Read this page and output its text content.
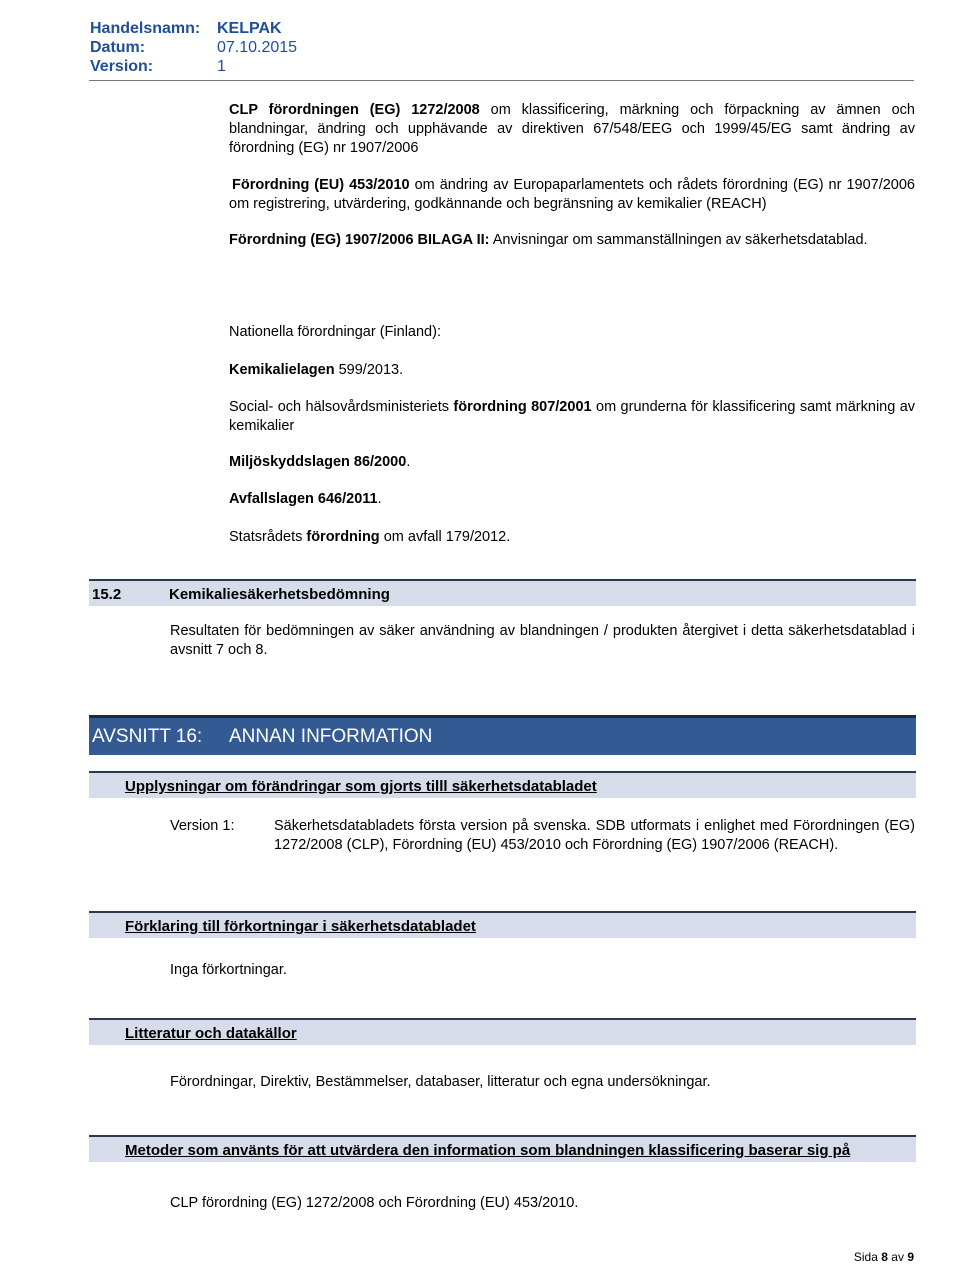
Handelsnamn: KELPAK
Datum:	07.10.2015
Version:	1
CLP förordningen (EG) 1272/2008 om klassificering, märkning och förpackning av ämnen och blandningar, ändring och upphävande av direktiven 67/548/EEG och 1999/45/EG samt ändring av förordning (EG) nr 1907/2006
Förordning (EU) 453/2010 om ändring av Europaparlamentets och rådets förordning (EG) nr 1907/2006 om registrering, utvärdering, godkännande och begränsning av kemikalier (REACH)
Förordning (EG) 1907/2006 BILAGA II: Anvisningar om sammanställningen av säkerhetsdatablad.
Nationella förordningar (Finland):
Kemikalielagen 599/2013.
Social- och hälsovårdsministeriets förordning 807/2001 om grunderna för klassificering samt märkning av kemikalier
Miljöskyddslagen 86/2000.
Avfallslagen 646/2011.
Statsrådets förordning om avfall 179/2012.
15.2	Kemikaliesäkerhetsbedömning
Resultaten för bedömningen av säker användning av blandningen / produkten återgivet i detta säkerhetsdatablad i avsnitt 7 och 8.
AVSNITT 16: ANNAN INFORMATION
Upplysningar om förändringar som gjorts tilll säkerhetsdatabladet
Version 1:	Säkerhetsdatabladets första version på svenska. SDB utformats i enlighet med Förordningen (EG) 1272/2008 (CLP), Förordning (EU) 453/2010 och Förordning (EG) 1907/2006 (REACH).
Förklaring till förkortningar i säkerhetsdatabladet
Inga förkortningar.
Litteratur och datakällor
Förordningar, Direktiv, Bestämmelser, databaser, litteratur och egna undersökningar.
Metoder som använts för att utvärdera den information som blandningen klassificering baserar sig på
CLP förordning (EG) 1272/2008 och Förordning (EU) 453/2010.
Sida 8 av 9
